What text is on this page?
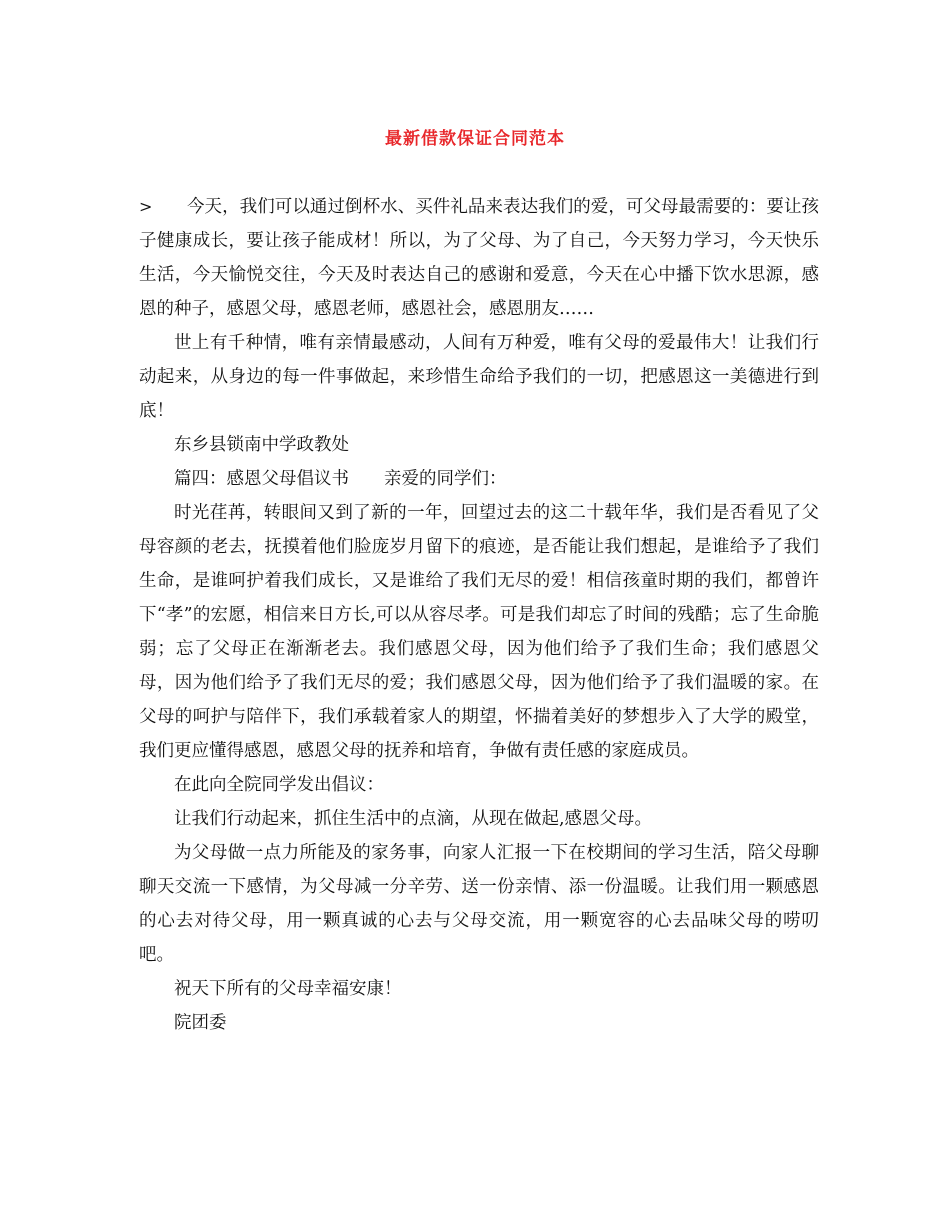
最新借款保证合同范本

> 今天，我们可以通过倒杯水、买件礼品来表达我们的爱，可父母最需要的：要让孩子健康成长，要让孩子能成材！所以，为了父母、为了自己，今天努力学习，今天快乐生活，今天愉悦交往，今天及时表达自己的感谢和爱意，今天在心中播下饮水思源，感恩的种子，感恩父母，感恩老师，感恩社会，感恩朋友……

世上有千种情，唯有亲情最感动，人间有万种爱，唯有父母的爱最伟大！让我们行动起来，从身边的每一件事做起，来珍惜生命给予我们的一切，把感恩这一美德进行到底！

东乡县锁南中学政教处

篇四：感恩父母倡议书　　亲爱的同学们：

时光荏苒，转眼间又到了新的一年，回望过去的这二十载年华，我们是否看见了父母容颜的老去，抚摸着他们脸庞岁月留下的痕迹，是否能让我们想起，是谁给予了我们生命，是谁呵护着我们成长，又是谁给了我们无尽的爱！相信孩童时期的我们，都曾许下“孝”的宏愿，相信来日方长,可以从容尽孝。可是我们却忘了时间的残酷；忘了生命脆弱；忘了父母正在渐渐老去。我们感恩父母，因为他们给予了我们生命；我们感恩父母，因为他们给予了我们无尽的爱；我们感恩父母，因为他们给予了我们温暖的家。在父母的呵护与陪伴下，我们承载着家人的期望，怀揣着美好的梦想步入了大学的殿堂，我们更应懂得感恩，感恩父母的抚养和培育，争做有责任感的家庭成员。

在此向全院同学发出倡议：

让我们行动起来，抓住生活中的点滴，从现在做起,感恩父母。

为父母做一点力所能及的家务事，向家人汇报一下在校期间的学习生活，陪父母聊聊天交流一下感情，为父母减一分辛劳、送一份亲情、添一份温暖。让我们用一颗感恩的心去对待父母，用一颗真诚的心去与父母交流，用一颗宽容的心去品味父母的唠叨吧。

祝天下所有的父母幸福安康！

院团委
